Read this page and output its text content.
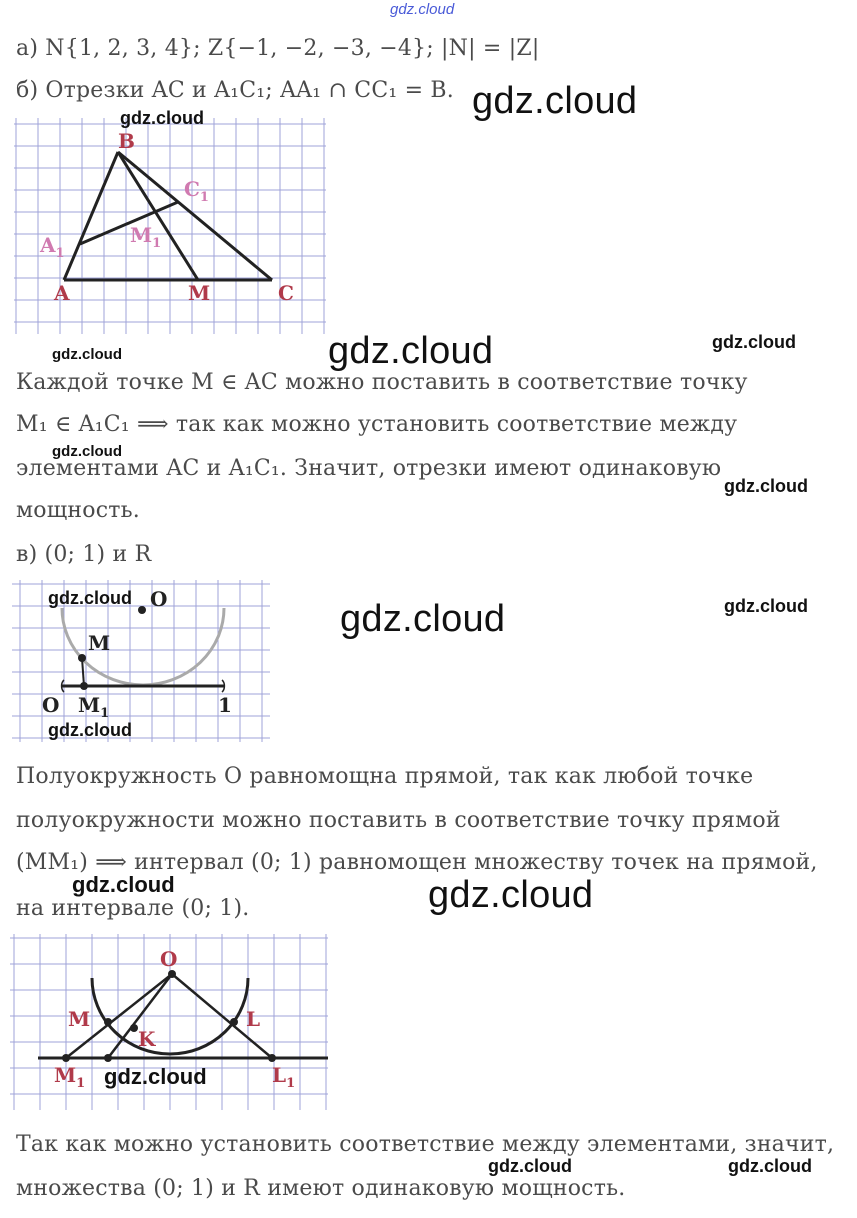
gdz.cloud
а) N{1, 2, 3, 4}; Z{−1, −2, −3, −4}; |N| = |Z|
б) Отрезки AC и A₁C₁; AA₁ ∩ CC₁ = B. gdz.cloud
B
$C_1$
$A_1$
$M_1$
A	M	C
gdz.cloud
gdz.cloud	gdz.cloud	gdz.cloud
Каждой точке M ∈ AC можно поставить в соответствие точку
M₁ ∈ A₁C₁ ⟹ так как можно установить соответствие между
gdz.cloud
элементами AC и A₁C₁. Значит, отрезки имеют одинаковую
gdz.cloud
мощность.
в) (0; 1) и R
O
M
O $M_1$	1
gdz.cloud	gdz.cloud	gdz.cloud
gdz.cloud
Полуокружность O равномощна прямой, так как любой точке
полуокружности можно поставить в соответствие точку прямой
(MM₁) ⟹ интервал (0; 1) равномощен множеству точек на прямой,
gdz.cloud	gdz.cloud
на интервале (0; 1).
O
M
K
L
$M_1$	$L_1$
gdz.cloud
Так как можно установить соответствие между элементами, значит,
gdz.cloud	gdz.cloud
множества (0; 1) и R имеют одинаковую мощность.
